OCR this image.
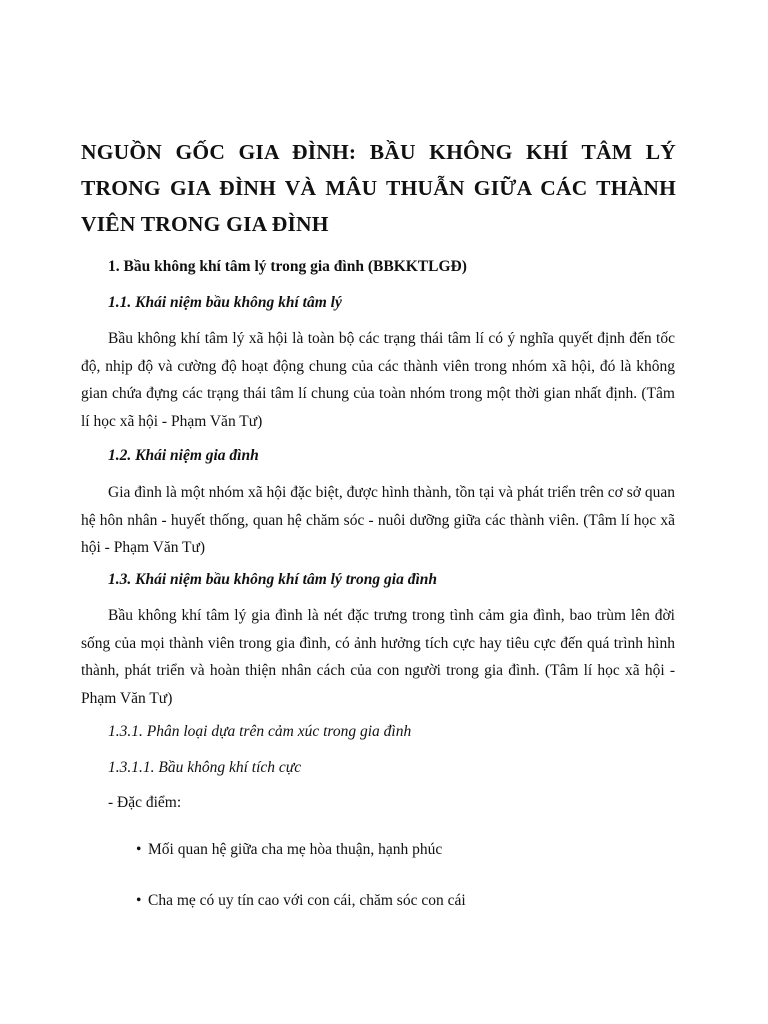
NGUỒN GỐC GIA ĐÌNH: BẦU KHÔNG KHÍ TÂM LÝ TRONG GIA ĐÌNH VÀ MÂU THUẪN GIỮA CÁC THÀNH VIÊN TRONG GIA ĐÌNH

1. Bầu không khí tâm lý trong gia đình (BBKKTLGĐ)

1.1. Khái niệm bầu không khí tâm lý

Bầu không khí tâm lý xã hội là toàn bộ các trạng thái tâm lí có ý nghĩa quyết định đến tốc độ, nhịp độ và cường độ hoạt động chung của các thành viên trong nhóm xã hội, đó là không gian chứa đựng các trạng thái tâm lí chung của toàn nhóm trong một thời gian nhất định. (Tâm lí học xã hội - Phạm Văn Tư)

1.2. Khái niệm gia đình

Gia đình là một nhóm xã hội đặc biệt, được hình thành, tồn tại và phát triển trên cơ sở quan hệ hôn nhân - huyết thống, quan hệ chăm sóc - nuôi dưỡng giữa các thành viên. (Tâm lí học xã hội - Phạm Văn Tư)

1.3. Khái niệm bầu không khí tâm lý trong gia đình

Bầu không khí tâm lý gia đình là nét đặc trưng trong tình cảm gia đình, bao trùm lên đời sống của mọi thành viên trong gia đình, có ảnh hưởng tích cực hay tiêu cực đến quá trình hình thành, phát triển và hoàn thiện nhân cách của con người trong gia đình. (Tâm lí học xã hội - Phạm Văn Tư)

1.3.1. Phân loại dựa trên cảm xúc trong gia đình

1.3.1.1. Bầu không khí tích cực

- Đặc điểm:

• Mối quan hệ giữa cha mẹ hòa thuận, hạnh phúc

• Cha mẹ có uy tín cao với con cái, chăm sóc con cái
